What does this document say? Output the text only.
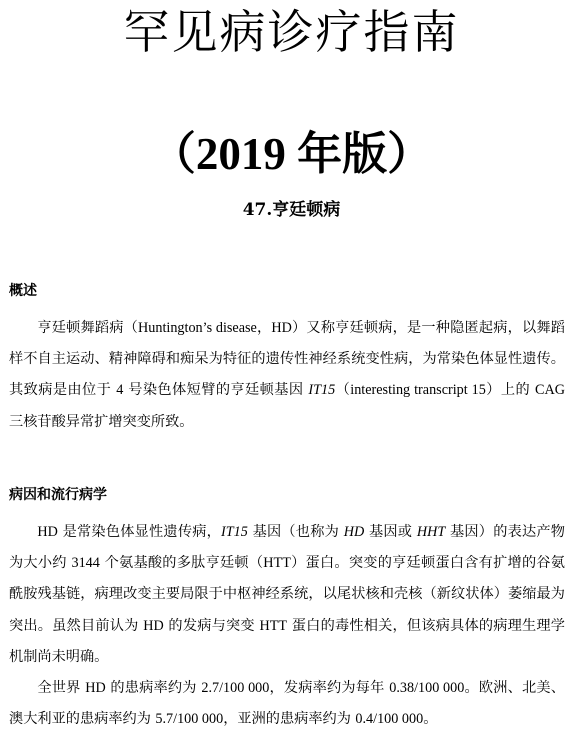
罕见病诊疗指南
（2019 年版）
47.亨廷顿病
概述

亨廷顿舞蹈病（Huntington’s disease，HD）又称亨廷顿病，是一种隐匿起病，以舞蹈样不自主运动、精神障碍和痴呆为特征的遗传性神经系统变性病，为常染色体显性遗传。其致病是由位于 4 号染色体短臂的亨廷顿基因 IT15（interesting transcript 15）上的 CAG 三核苷酸异常扩增突变所致。

病因和流行病学

HD 是常染色体显性遗传病，IT15 基因（也称为 HD 基因或 HHT 基因）的表达产物为大小约 3144 个氨基酸的多肽亨廷顿（HTT）蛋白。突变的亨廷顿蛋白含有扩增的谷氨酰胺残基链，病理改变主要局限于中枢神经系统，以尾状核和壳核（新纹状体）萎缩最为突出。虽然目前认为 HD 的发病与突变 HTT 蛋白的毒性相关，但该病具体的病理生理学机制尚未明确。

全世界 HD 的患病率约为 2.7/100 000，发病率约为每年 0.38/100 000。欧洲、北美、澳大利亚的患病率约为 5.7/100 000，亚洲的患病率约为 0.4/100 000。
